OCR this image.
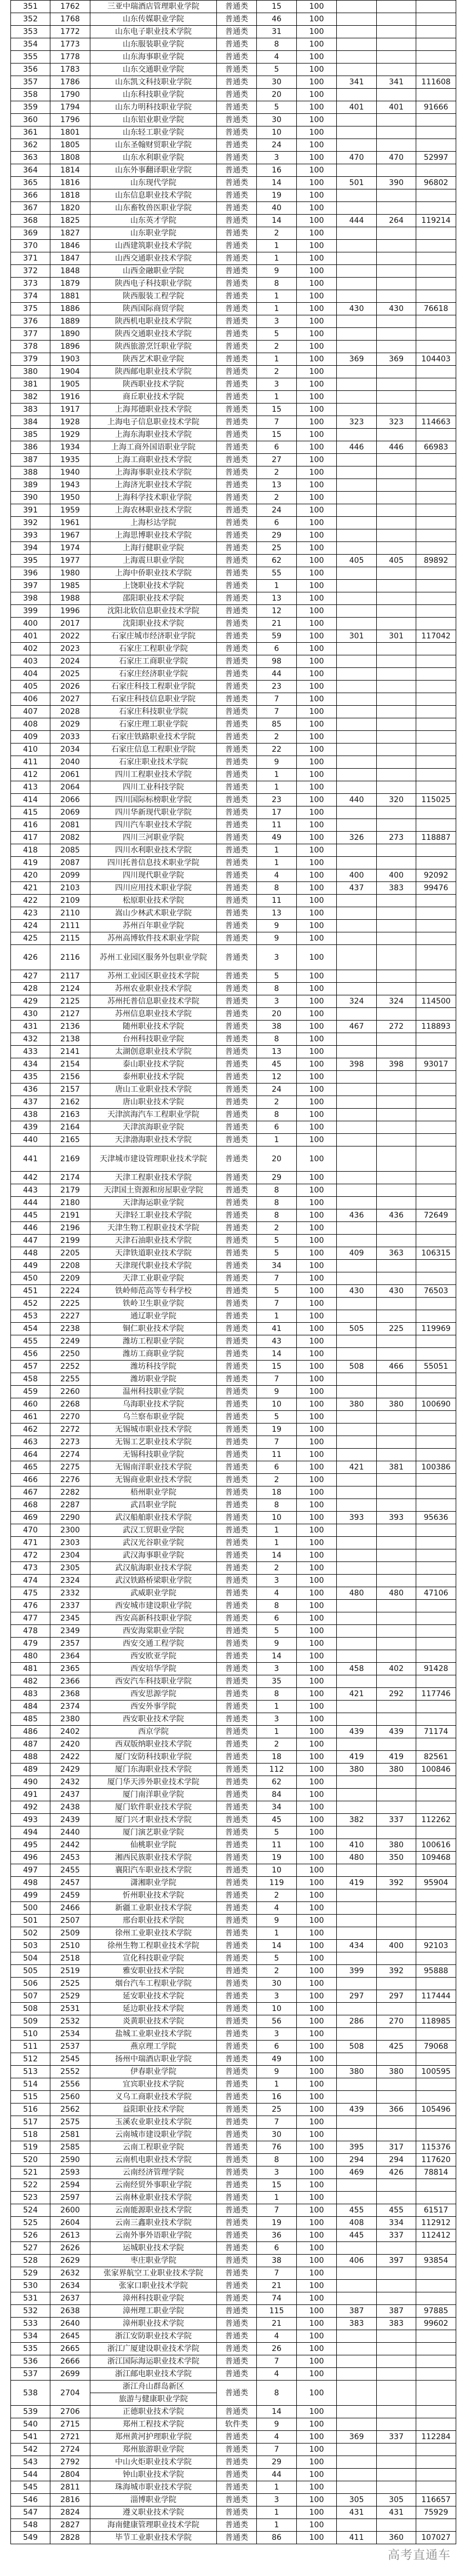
351	1762	三亚中瑞酒店管理职业学院	普通类	15	100			
352	1768	山东传媒职业学院	普通类	46	100			
353	1772	山东电子职业技术学院	普通类	31	100			
354	1773	山东服装职业学院	普通类	8	100			
355	1778	山东海事职业学院	普通类	4	100			
356	1783	山东交通职业学院	普通类	5	100			
357	1786	山东凯文科技职业学院	普通类	30	100	341	341	111608
358	1790	山东科技职业学院	普通类	20	100			
359	1794	山东力明科技职业学院	普通类	5	100	401	401	91666
360	1796	山东铝业职业学院	普通类	30	100			
361	1801	山东轻工职业学院	普通类	10	100			
362	1805	山东圣翰财贸职业学院	普通类	24	100			
363	1808	山东水利职业学院	普通类	3	100	470	470	52997
364	1814	山东外事翻译职业学院	普通类	16	100			
365	1816	山东现代学院	普通类	14	100	501	390	96802
366	1818	山东信息职业技术学院	普通类	19	100			
367	1820	山东畜牧兽医职业学院	普通类	40	100			
368	1825	山东英才学院	普通类	14	100	444	264	119214
369	1827	山东职业学院	普通类	2	100			
370	1846	山西建筑职业技术学院	普通类	1	100			
371	1847	山西交通职业技术学院	普通类	1	100			
372	1848	山西金融职业学院	普通类	9	100			
373	1879	陕西电子科技职业学院	普通类	8	100			
374	1881	陕西服装工程学院	普通类	1	100			
375	1886	陕西国际商贸学院	普通类	1	100	430	430	76618
376	1889	陕西机电职业技术学院	普通类	3	100			
377	1890	陕西交通职业技术学院	普通类	5	100			
378	1896	陕西旅游烹饪职业学院	普通类	2	100			
379	1903	陕西艺术职业学院	普通类	1	100	369	369	104403
380	1904	陕西邮电职业技术学院	普通类	2	100			
381	1905	陕西职业技术学院	普通类	3	100			
382	1916	商丘职业技术学院	普通类	1	100			
383	1917	上海邦德职业技术学院	普通类	15	100			
384	1928	上海电子信息职业技术学院	普通类	7	100	323	323	114663
385	1929	上海东海职业技术学院	普通类	15	100			
386	1934	上海工商外国语职业学院	普通类	6	100	446	446	66983
387	1935	上海工商职业技术学院	普通类	27	100			
388	1940	上海海事职业技术学院	普通类	2	100			
389	1943	上海济光职业技术学院	普通类	13	100			
390	1950	上海科学技术职业学院	普通类	2	100			
391	1959	上海农林职业技术学院	普通类	24	100			
392	1961	上海杉达学院	普通类	6	100			
393	1967	上海思博职业技术学院	普通类	29	100			
394	1974	上海行健职业学院	普通类	25	100			
395	1977	上海震旦职业学院	普通类	62	100	405	405	89892
396	1980	上海中侨职业技术学院	普通类	55	100			
397	1985	上饶职业技术学院	普通类	1	100			
398	1988	邵阳职业技术学院	普通类	13	100			
399	1996	沈阳北软信息职业技术学院	普通类	12	100			
400	2017	沈阳职业技术学院	普通类	21	100			
401	2022	石家庄城市经济职业学院	普通类	59	100	301	301	117042
402	2023	石家庄工程职业学院	普通类	6	100			
403	2024	石家庄工商职业学院	普通类	98	100			
404	2025	石家庄经济职业学院	普通类	44	100			
405	2026	石家庄科技工程职业学院	普通类	23	100			
406	2027	石家庄科技信息职业学院	普通类	7	100			
407	2028	石家庄科技职业学院	普通类	7	100			
408	2029	石家庄理工职业学院	普通类	85	100			
409	2033	石家庄铁路职业技术学院	普通类	2	100			
410	2034	石家庄信息工程职业学院	普通类	22	100			
411	2040	石家庄职业技术学院	普通类	9	100			
412	2061	四川工程职业技术学院	普通类	1	100			
413	2064	四川工业科技学院	普通类	1	100			
414	2066	四川国际标榜职业学院	普通类	23	100	440	320	115025
415	2069	四川华新现代职业学院	普通类	17	100			
416	2081	四川汽车职业技术学院	普通类	11	100			
417	2082	四川三河职业学院	普通类	49	100	326	273	118887
418	2085	四川水利职业技术学院	普通类	1	100			
419	2087	四川托普信息技术职业学院	普通类	1	100			
420	2099	四川现代职业学院	普通类	4	100	400	400	92092
421	2103	四川应用技术职业学院	普通类	8	100	437	383	99476
422	2109	松原职业技术学院	普通类	11	100			
423	2110	嵩山少林武术职业学院	普通类	13	100			
424	2111	苏州百年职业学院	普通类	9	100			
425	2115	苏州高博软件技术职业学院	普通类	9	100			
426	2116	苏州工业园区服务外包职业学院	普通类	3	100			
427	2117	苏州工业园区职业技术学院	普通类	5	100			
428	2124	苏州农业职业技术学院	普通类	8	100			
429	2125	苏州托普信息职业技术学院	普通类	3	100	324	324	114500
430	2127	苏州信息职业技术学院	普通类	20	100			
431	2136	随州职业技术学院	普通类	38	100	467	272	118893
432	2138	台州科技职业学院	普通类	8	100			
433	2141	太湖创意职业技术学院	普通类	13	100			
434	2154	泰山职业技术学院	普通类	45	100	398	398	93017
435	2156	泰州职业技术学院	普通类	12	100			
436	2157	唐山工业职业技术学院	普通类	24	100			
437	2162	唐山职业技术学院	普通类	2	100			
438	2163	天津滨海汽车工程职业学院	普通类	8	100			
439	2164	天津滨海职业学院	普通类	6	100			
440	2165	天津渤海职业技术学院	普通类	1	100			
441	2169	天津城市建设管理职业技术学院	普通类	20	100			
442	2174	天津工程职业技术学院	普通类	29	100			
443	2179	天津国土资源和房屋职业学院	普通类	8	100			
444	2180	天津海运职业学院	普通类	8	100			
445	2191	天津轻工职业技术学院	普通类	8	100	436	436	72649
446	2196	天津生物工程职业技术学院	普通类	2	100			
447	2199	天津石油职业技术学院	普通类	5	100			
448	2205	天津铁道职业技术学院	普通类	5	100	409	363	106315
449	2208	天津现代职业技术学院	普通类	34	100			
450	2209	天津工业职业学院	普通类	7	100			
451	2224	铁岭师范高等专科学校	普通类	5	100	430	430	76503
452	2225	铁岭卫生职业学院	普通类	7	100			
453	2227	通辽职业学院	普通类	1	100			
454	2238	铜仁职业技术学院	普通类	41	100	505	225	119969
455	2249	潍坊工程职业学院	普通类	43	100			
456	2250	潍坊工商职业学院	普通类	14	100			
457	2252	潍坊科技学院	普通类	15	100	508	466	55051
458	2255	潍坊职业学院	普通类	7	100			
459	2260	温州科技职业学院	普通类	9	100			
460	2268	乌海职业技术学院	普通类	10	100	380	380	100690
461	2270	乌兰察布职业学院	普通类	5	100			
462	2272	无锡城市职业技术学院	普通类	19	100			
463	2273	无锡工艺职业技术学院	普通类	7	100			
464	2274	无锡科技职业学院	普通类	11	100			
465	2275	无锡南洋职业技术学院	普通类	6	100	421	381	100386
466	2276	无锡商业职业技术学院	普通类	2	100			
467	2282	梧州职业学院	普通类	18	100			
468	2287	武昌职业学院	普通类	8	100			
469	2290	武汉船舶职业技术学院	普通类	10	100	393	393	95636
470	2300	武汉工贸职业学院	普通类	1	100			
471	2303	武汉光谷职业学院	普通类	1	100			
472	2304	武汉海事职业学院	普通类	14	100			
473	2305	武汉航海职业技术学院	普通类	2	100			
474	2324	武汉铁路桥梁职业学院	普通类	3	100			
475	2332	武威职业学院	普通类	4	100	480	480	47106
476	2337	西安城市建设职业学院	普通类	8	100			
477	2345	西安高新科技职业学院	普通类	6	100			
478	2349	西安海棠职业学院	普通类	5	100			
479	2357	西安交通工程学院	普通类	9	100			
480	2364	西安欧亚学院	普通类	14	100			
481	2365	西安培华学院	普通类	3	100	458	402	91428
482	2366	西安汽车科技职业学院	普通类	35	100			
483	2368	西安思源学院	普通类	8	100	421	292	117746
484	2374	西安外事学院	普通类	1	100			
485	2380	西安职业技术学院	普通类	3	100			
486	2402	西京学院	普通类	1	100	439	439	71174
487	2420	西双版纳职业技术学院	普通类	2	100			
488	2422	厦门安防科技职业学院	普通类	18	100	419	419	82561
489	2429	厦门东海职业技术学院	普通类	112	100	380	380	100846
490	2432	厦门华天涉外职业技术学院	普通类	62	100			
491	2437	厦门南洋职业学院	普通类	84	100			
492	2438	厦门软件职业技术学院	普通类	34	100			
493	2439	厦门兴才职业技术学院	普通类	45	100	382	337	112262
494	2440	厦门演艺职业学院	普通类	5	100			
495	2442	仙桃职业学院	普通类	11	100	410	380	100616
496	2453	湘西民族职业技术学院	普通类	19	100	480	350	109468
497	2455	襄阳汽车职业技术学院	普通类	10	100			
498	2457	潇湘职业学院	普通类	119	100	419	392	95904
499	2459	忻州职业技术学院	普通类	2	100			
500	2466	新疆工业职业技术学院	普通类	4	100			
501	2507	邢台职业技术学院	普通类	9	100			
502	2509	徐州工业职业技术学院	普通类	1	100			
503	2510	徐州生物工程职业技术学院	普通类	14	100	434	400	92103
504	2518	宣化科技职业学院	普通类	5	100			
505	2519	雅安职业技术学院	普通类	2	100	399	392	95888
506	2525	烟台汽车工程职业学院	普通类	30	100			
507	2529	延安职业技术学院	普通类	3	100	297	297	117444
508	2531	延边职业技术学院	普通类	10	100			
509	2532	炎黄职业技术学院	普通类	56	100	286	270	118985
510	2534	盐城工业职业技术学院	普通类	3	100			
511	2537	燕京理工学院	普通类	6	100	508	425	79068
512	2545	扬州中瑞酒店职业学院	普通类	49	100			
513	2552	伊春职业学院	普通类	9	100	380	380	100595
514	2556	宜宾职业技术学院	普通类	1	100			
515	2560	义乌工商职业技术学院	普通类	16	100			
516	2562	益阳职业技术学院	普通类	25	100	439	366	105496
517	2575	玉溪农业职业技术学院	普通类	7	100			
518	2581	云南城市建设职业学院	普通类	30	100			
519	2585	云南工程职业学院	普通类	76	100	395	317	115376
520	2590	云南机电职业技术学院	普通类	8	100	294	294	117620
521	2593	云南经济管理学院	普通类	3	100	469	426	78814
522	2594	云南经贸外事职业学院	普通类	15	100			
523	2597	云南林业职业技术学院	普通类	1	100			
524	2600	云南能源职业技术学院	普通类	7	100	455	455	61517
525	2604	云南三鑫职业技术学院	普通类	19	100	408	334	112912
526	2613	云南外事外语职业学院	普通类	36	100	445	337	112412
527	2626	运城职业技术学院	普通类	6	100			
528	2629	枣庄职业学院	普通类	38	100	406	397	93854
529	2632	张家界航空工业职业技术学院	普通类	7	100			
530	2634	张家口职业技术学院	普通类	21	100			
531	2637	漳州科技职业学院	普通类	74	100			
532	2638	漳州理工职业学院	普通类	115	100	387	387	97885
533	2640	漳州职业技术学院	普通类	21	100	383	383	99602
534	2645	浙江安防职业技术学院	普通类	4	100			
535	2665	浙江广厦建设职业技术学院	普通类	26	100			
536	2666	浙江国际海运职业技术学院	普通类	7	100			
537	2699	浙江邮电职业技术学院	普通类	4	100			
538	2704	浙江舟山群岛新区
旅游与健康职业学院	普通类	8	100			
539	2706	正德职业技术学院	普通类	14	100			
540	2715	郑州工程技术学院	软件类	9	100			
541	2721	郑州黄河护理职业学院	普通类	4	100	369	337	112284
542	2724	郑州旅游职业学院	普通类	7	100			
543	2792	中山火炬职业技术学院	普通类	29	100			
544	2804	钟山职业技术学院	普通类	44	100			
545	2811	珠海城市职业技术学院	普通类	1	100			
546	2816	淄博职业学院	普通类	3	100	305	305	116657
547	2824	遵义职业技术学院	普通类	1	100	431	431	75929
548	2827	海南健康管理职业技术学院	普通类	1	100			
549	2828	毕节工业职业技术学院	普通类	86	100	411	360	107027
高考直通车
